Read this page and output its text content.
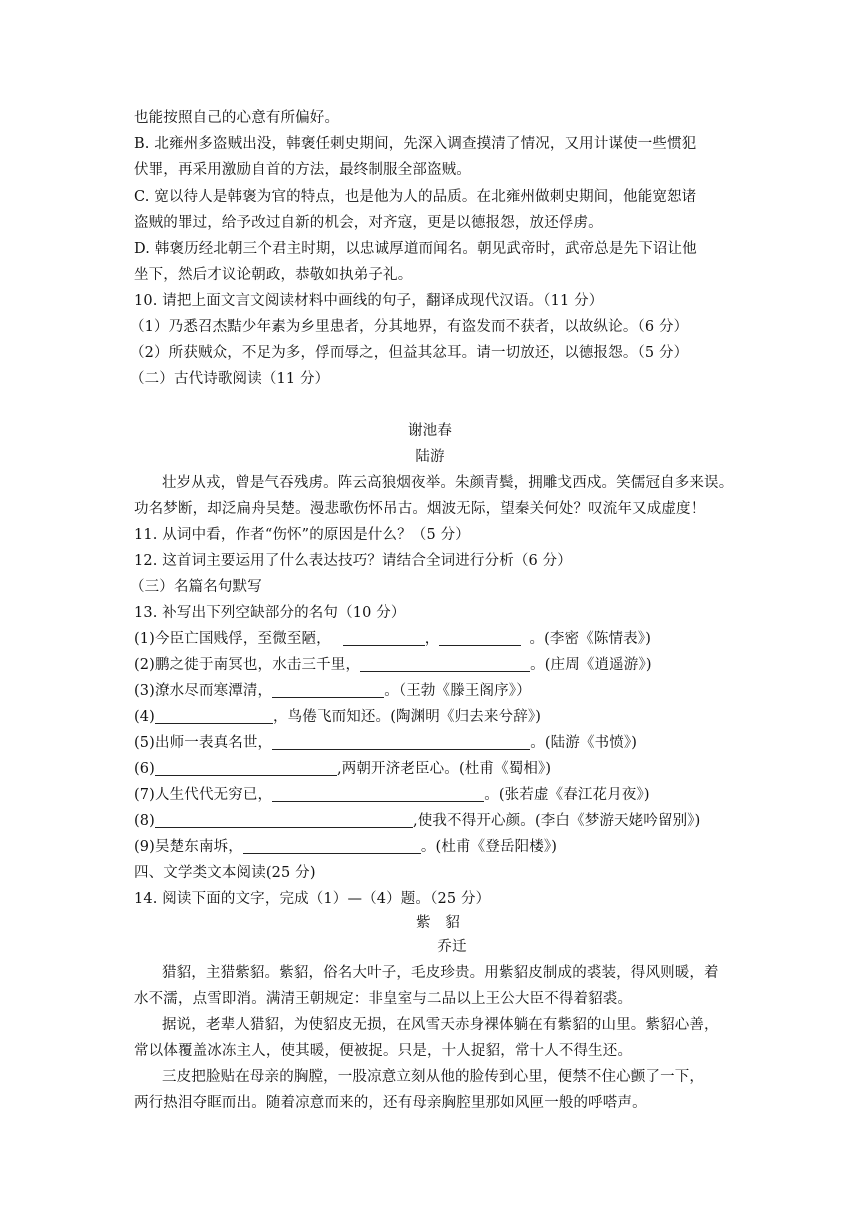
也能按照自己的心意有所偏好。
B. 北雍州多盗贼出没，韩褒任刺史期间，先深入调查摸清了情况，又用计谋使一些惯犯
伏罪，再采用激励自首的方法，最终制服全部盗贼。
C. 宽以待人是韩褒为官的特点，也是他为人的品质。在北雍州做刺史期间，他能宽恕诸
盗贼的罪过，给予改过自新的机会，对齐寇，更是以德报怨，放还俘虏。
D. 韩褒历经北朝三个君主时期，以忠诚厚道而闻名。朝见武帝时，武帝总是先下诏让他
坐下，然后才议论朝政，恭敬如执弟子礼。
10. 请把上面文言文阅读材料中画线的句子，翻译成现代汉语。（11 分）
（1）乃悉召杰黠少年素为乡里患者，分其地界，有盗发而不获者，以故纵论。（6 分）
（2）所获贼众，不足为多，俘而辱之，但益其忿耳。请一切放还，以德报怨。（5 分）
（二）古代诗歌阅读（11 分）
谢池春
陆游
壮岁从戎，曾是气吞残虏。阵云高狼烟夜举。朱颜青鬓，拥雕戈西戍。笑儒冠自多来误。
功名梦断，却泛扁舟吴楚。漫悲歌伤怀吊古。烟波无际，望秦关何处？叹流年又成虚度！
11. 从词中看，作者“伤怀”的原因是什么？（5 分）
12. 这首词主要运用了什么表达技巧？请结合全词进行分析（6 分）
（三）名篇名句默写
13. 补写出下列空缺部分的名句（10 分）
(1)今臣亡国贱俘，至微至陋，	，	。(李密《陈情表》)
(2)鹏之徙于南冥也，水击三千里，	。(庄周《逍遥游》)
(3)潦水尽而寒潭清，	。（王勃《滕王阁序》）
(4)	，鸟倦飞而知还。(陶渊明《归去来兮辞》)
(5)出师一表真名世，	。(陆游《书愤》)
(6)	,两朝开济老臣心。(杜甫《蜀相》)
(7)人生代代无穷已，	。(张若虚《春江花月夜》)
(8)	,使我不得开心颜。(李白《梦游天姥吟留别》)
(9)吴楚东南坼，	。(杜甫《登岳阳楼》)
四、文学类文本阅读(25 分)
14. 阅读下面的文字，完成（1）—（4）题。（25 分）
紫　貂
乔迁
猎貂，主猎紫貂。紫貂，俗名大叶子，毛皮珍贵。用紫貂皮制成的裘装，得风则暖，着
水不濡，点雪即消。满清王朝规定：非皇室与二品以上王公大臣不得着貂裘。
据说，老辈人猎貂，为使貂皮无损，在风雪天赤身裸体躺在有紫貂的山里。紫貂心善，
常以体覆盖冰冻主人，使其暖，便被捉。只是，十人捉貂，常十人不得生还。
三皮把脸贴在母亲的胸膛，一股凉意立刻从他的脸传到心里，便禁不住心颤了一下，
两行热泪夺眶而出。随着凉意而来的，还有母亲胸腔里那如风匣一般的呼嗒声。
